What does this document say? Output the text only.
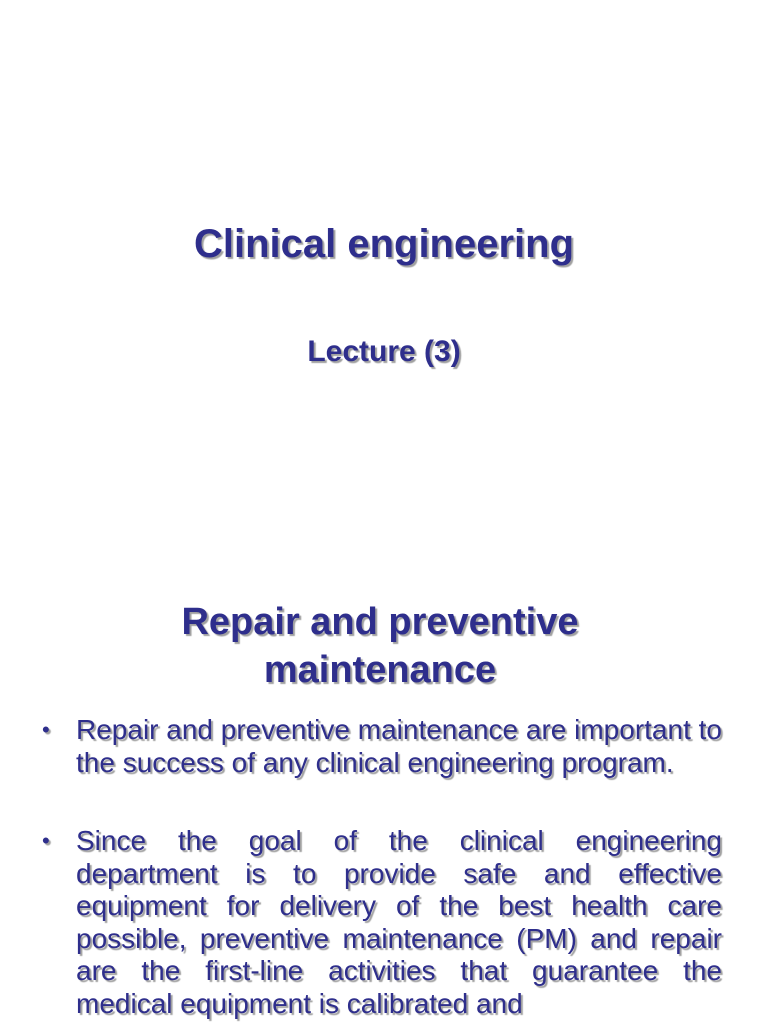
Clinical engineering
Lecture (3)
Repair and preventive maintenance
• Repair and preventive maintenance are important to the success of any clinical engineering program.
• Since the goal of the clinical engineering department is to provide safe and effective equipment for delivery of the best health care possible, preventive maintenance (PM) and repair are the first-line activities that guarantee the medical equipment is calibrated and
